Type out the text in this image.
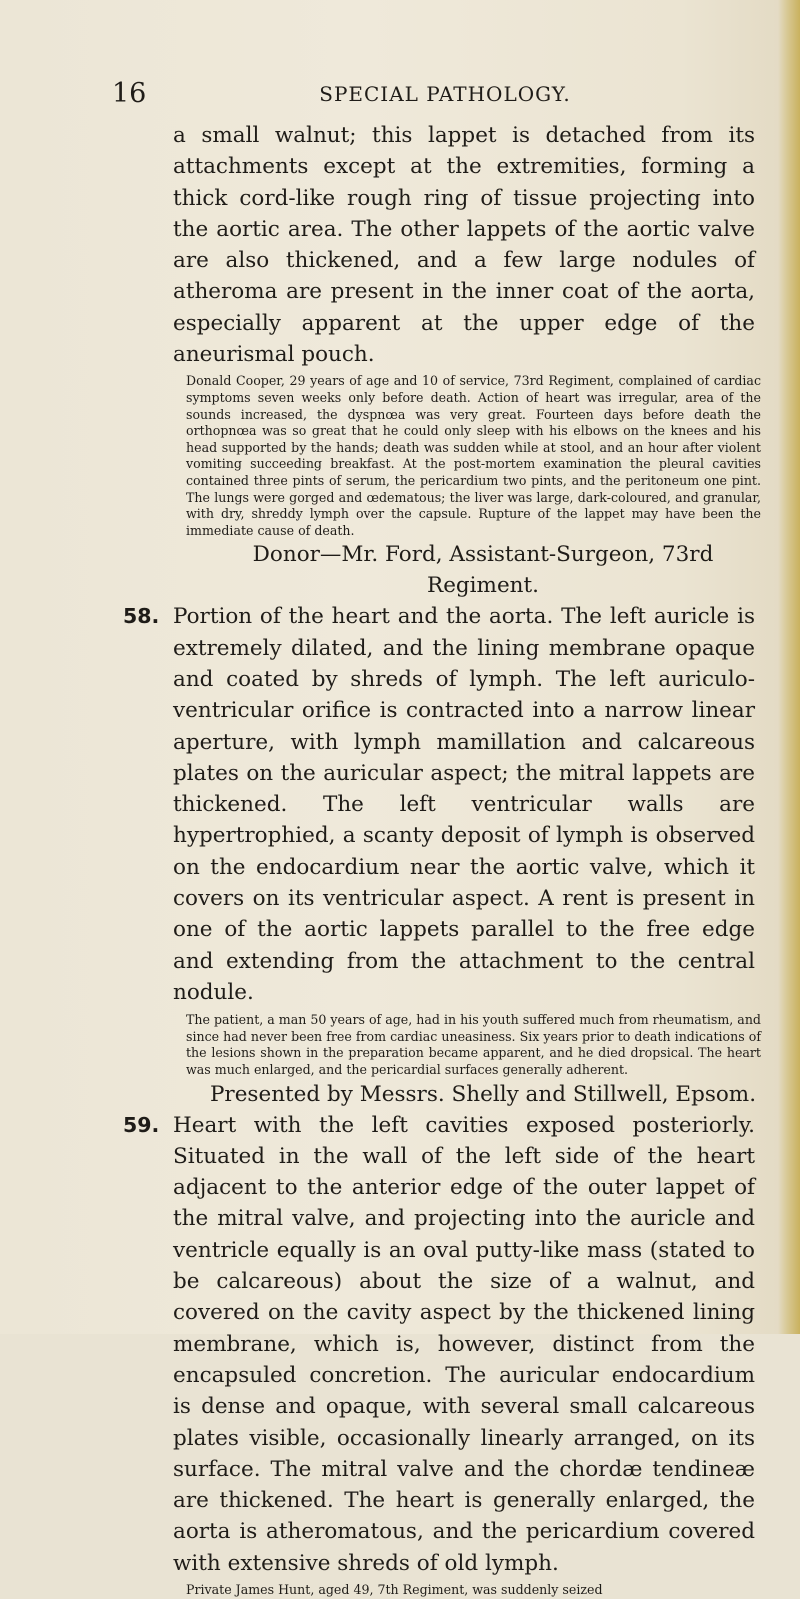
16	SPECIAL PATHOLOGY.

a small walnut; this lappet is detached from its attachments except at the extremities, forming a thick cord-like rough ring of tissue projecting into the aortic area. The other lappets of the aortic valve are also thickened, and a few large nodules of atheroma are present in the inner coat of the aorta, especially apparent at the upper edge of the aneurismal pouch.

Donald Cooper, 29 years of age and 10 of service, 73rd Regiment, complained of cardiac symptoms seven weeks only before death. Action of heart was irregular, area of the sounds increased, the dyspnœa was very great. Fourteen days before death the orthopnœa was so great that he could only sleep with his elbows on the knees and his head supported by the hands; death was sudden while at stool, and an hour after violent vomiting succeeding breakfast. At the post-mortem examination the pleural cavities contained three pints of serum, the pericardium two pints, and the peritoneum one pint. The lungs were gorged and œdematous; the liver was large, dark-coloured, and granular, with dry, shreddy lymph over the capsule. Rupture of the lappet may have been the immediate cause of death.

Donor—Mr. Ford, Assistant-Surgeon, 73rd Regiment.

58. Portion of the heart and the aorta. The left auricle is extremely dilated, and the lining membrane opaque and coated by shreds of lymph. The left auriculo-ventricular orifice is contracted into a narrow linear aperture, with lymph mamillation and calcareous plates on the auricular aspect; the mitral lappets are thickened. The left ventricular walls are hypertrophied, a scanty deposit of lymph is observed on the endocardium near the aortic valve, which it covers on its ventricular aspect. A rent is present in one of the aortic lappets parallel to the free edge and extending from the attachment to the central nodule.

The patient, a man 50 years of age, had in his youth suffered much from rheumatism, and since had never been free from cardiac uneasiness. Six years prior to death indications of the lesions shown in the preparation became apparent, and he died dropsical. The heart was much enlarged, and the pericardial surfaces generally adherent.

Presented by Messrs. Shelly and Stillwell, Epsom.

59. Heart with the left cavities exposed posteriorly. Situated in the wall of the left side of the heart adjacent to the anterior edge of the outer lappet of the mitral valve, and projecting into the auricle and ventricle equally is an oval putty-like mass (stated to be calcareous) about the size of a walnut, and covered on the cavity aspect by the thickened lining membrane, which is, however, distinct from the encapsuled concretion. The auricular endocardium is dense and opaque, with several small calcareous plates visible, occasionally linearly arranged, on its surface. The mitral valve and the chordæ tendineæ are thickened. The heart is generally enlarged, the aorta is atheromatous, and the pericardium covered with extensive shreds of old lymph.

Private James Hunt, aged 49, 7th Regiment, was suddenly seized
